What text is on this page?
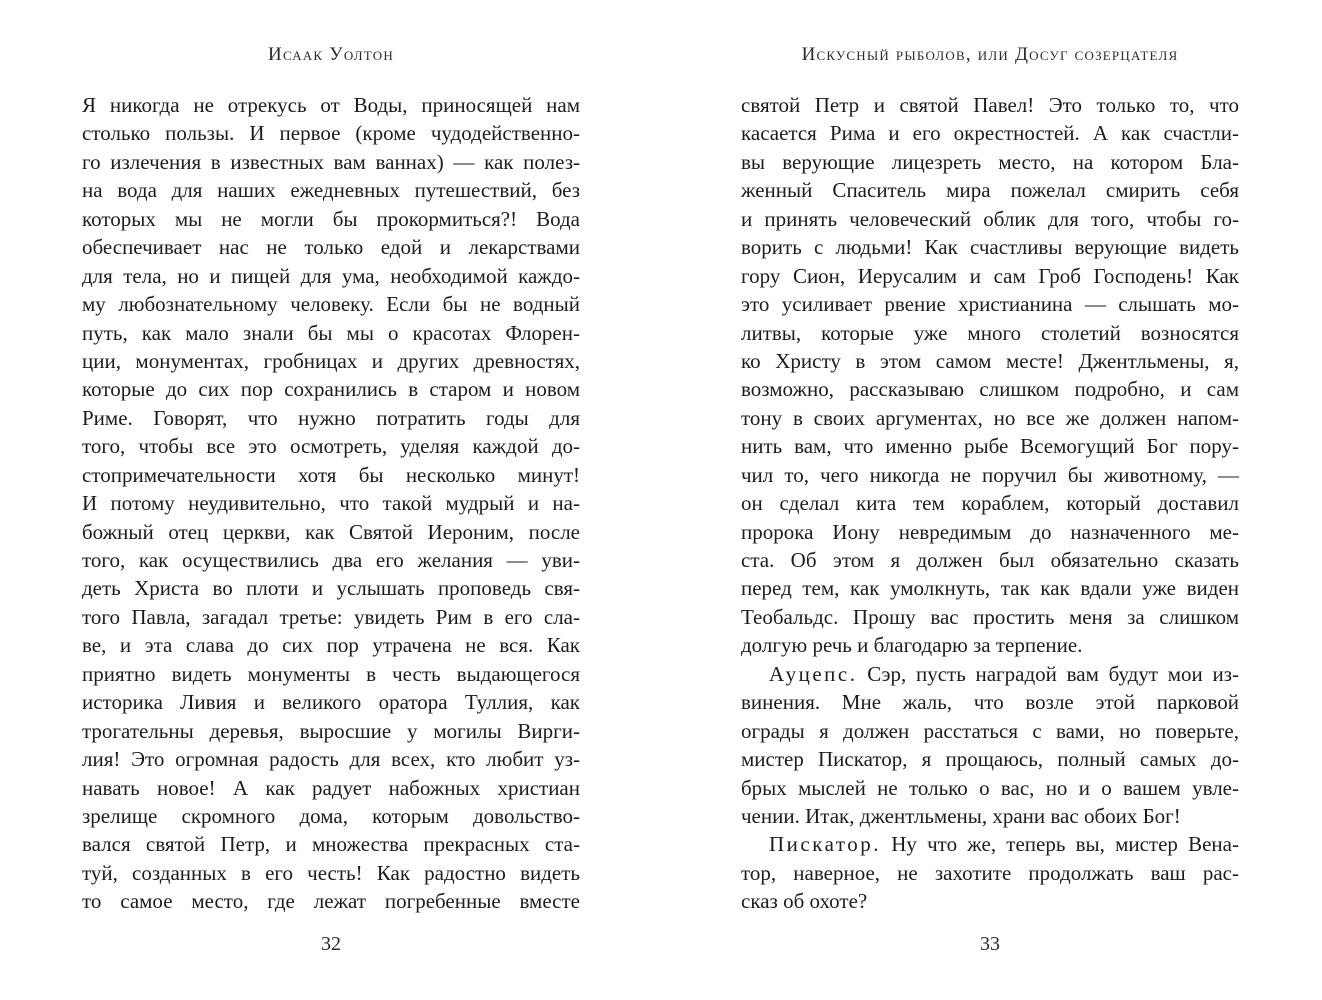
Исаак Уолтон
Я никогда не отрекусь от Воды, приносящей нам
столько пользы. И первое (кроме чудодейственно-
го излечения в известных вам ваннах) — как полез-
на вода для наших ежедневных путешествий, без
которых мы не могли бы прокормиться?! Вода
обеспечивает нас не только едой и лекарствами
для тела, но и пищей для ума, необходимой каждо-
му любознательному человеку. Если бы не водный
путь, как мало знали бы мы о красотах Флорен-
ции, монументах, гробницах и других древностях,
которые до сих пор сохранились в старом и новом
Риме. Говорят, что нужно потратить годы для
того, чтобы все это осмотреть, уделяя каждой до-
стопримечательности хотя бы несколько минут!
И потому неудивительно, что такой мудрый и на-
божный отец церкви, как Святой Иероним, после
того, как осуществились два его желания — уви-
деть Христа во плоти и услышать проповедь свя-
того Павла, загадал третье: увидеть Рим в его сла-
ве, и эта слава до сих пор утрачена не вся. Как
приятно видеть монументы в честь выдающегося
историка Ливия и великого оратора Туллия, как
трогательны деревья, выросшие у могилы Вирги-
лия! Это огромная радость для всех, кто любит уз-
навать новое! А как радует набожных христиан
зрелище скромного дома, которым довольство-
вался святой Петр, и множества прекрасных ста-
туй, созданных в его честь! Как радостно видеть
то самое место, где лежат погребенные вместе
32
Искусный рыболов, или Досуг созерцателя
святой Петр и святой Павел! Это только то, что
касается Рима и его окрестностей. А как счастли-
вы верующие лицезреть место, на котором Бла-
женный Спаситель мира пожелал смирить себя
и принять человеческий облик для того, чтобы го-
ворить с людьми! Как счастливы верующие видеть
гору Сион, Иерусалим и сам Гроб Господень! Как
это усиливает рвение христианина — слышать мо-
литвы, которые уже много столетий возносятся
ко Христу в этом самом месте! Джентльмены, я,
возможно, рассказываю слишком подробно, и сам
тону в своих аргументах, но все же должен напом-
нить вам, что именно рыбе Всемогущий Бог пору-
чил то, чего никогда не поручил бы животному, —
он сделал кита тем кораблем, который доставил
пророка Иону невредимым до назначенного ме-
ста. Об этом я должен был обязательно сказать
перед тем, как умолкнуть, так как вдали уже виден
Теобальдс. Прошу вас простить меня за слишком
долгую речь и благодарю за терпение.
Ауцепс. Сэр, пусть наградой вам будут мои из-
винения. Мне жаль, что возле этой парковой
ограды я должен расстаться с вами, но поверьте,
мистер Пискатор, я прощаюсь, полный самых до-
брых мыслей не только о вас, но и о вашем увле-
чении. Итак, джентльмены, храни вас обоих Бог!
Пискатор. Ну что же, теперь вы, мистер Вена-
тор, наверное, не захотите продолжать ваш рас-
сказ об охоте?
33
